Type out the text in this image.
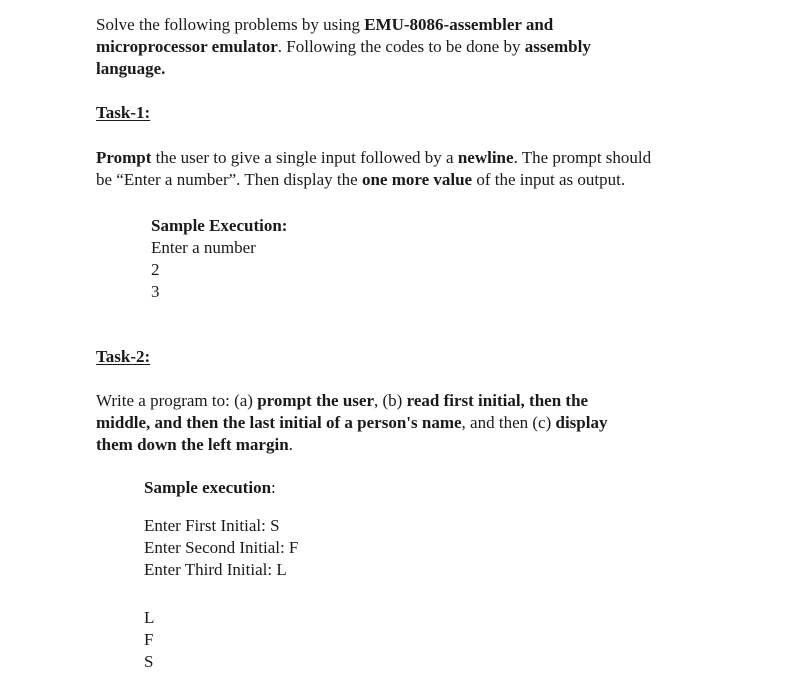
Solve the following problems by using EMU-8086-assembler and
microprocessor emulator. Following the codes to be done by assembly
language.
Task-1:
Prompt the user to give a single input followed by a newline. The prompt should
be “Enter a number”. Then display the one more value of the input as output.
Sample Execution:
Enter a number
2
3
Task-2:
Write a program to: (a) prompt the user, (b) read first initial, then the
middle, and then the last initial of a person's name, and then (c) display
them down the left margin.
Sample execution:
Enter First Initial: S
Enter Second Initial: F
Enter Third Initial: L
L
F
S
